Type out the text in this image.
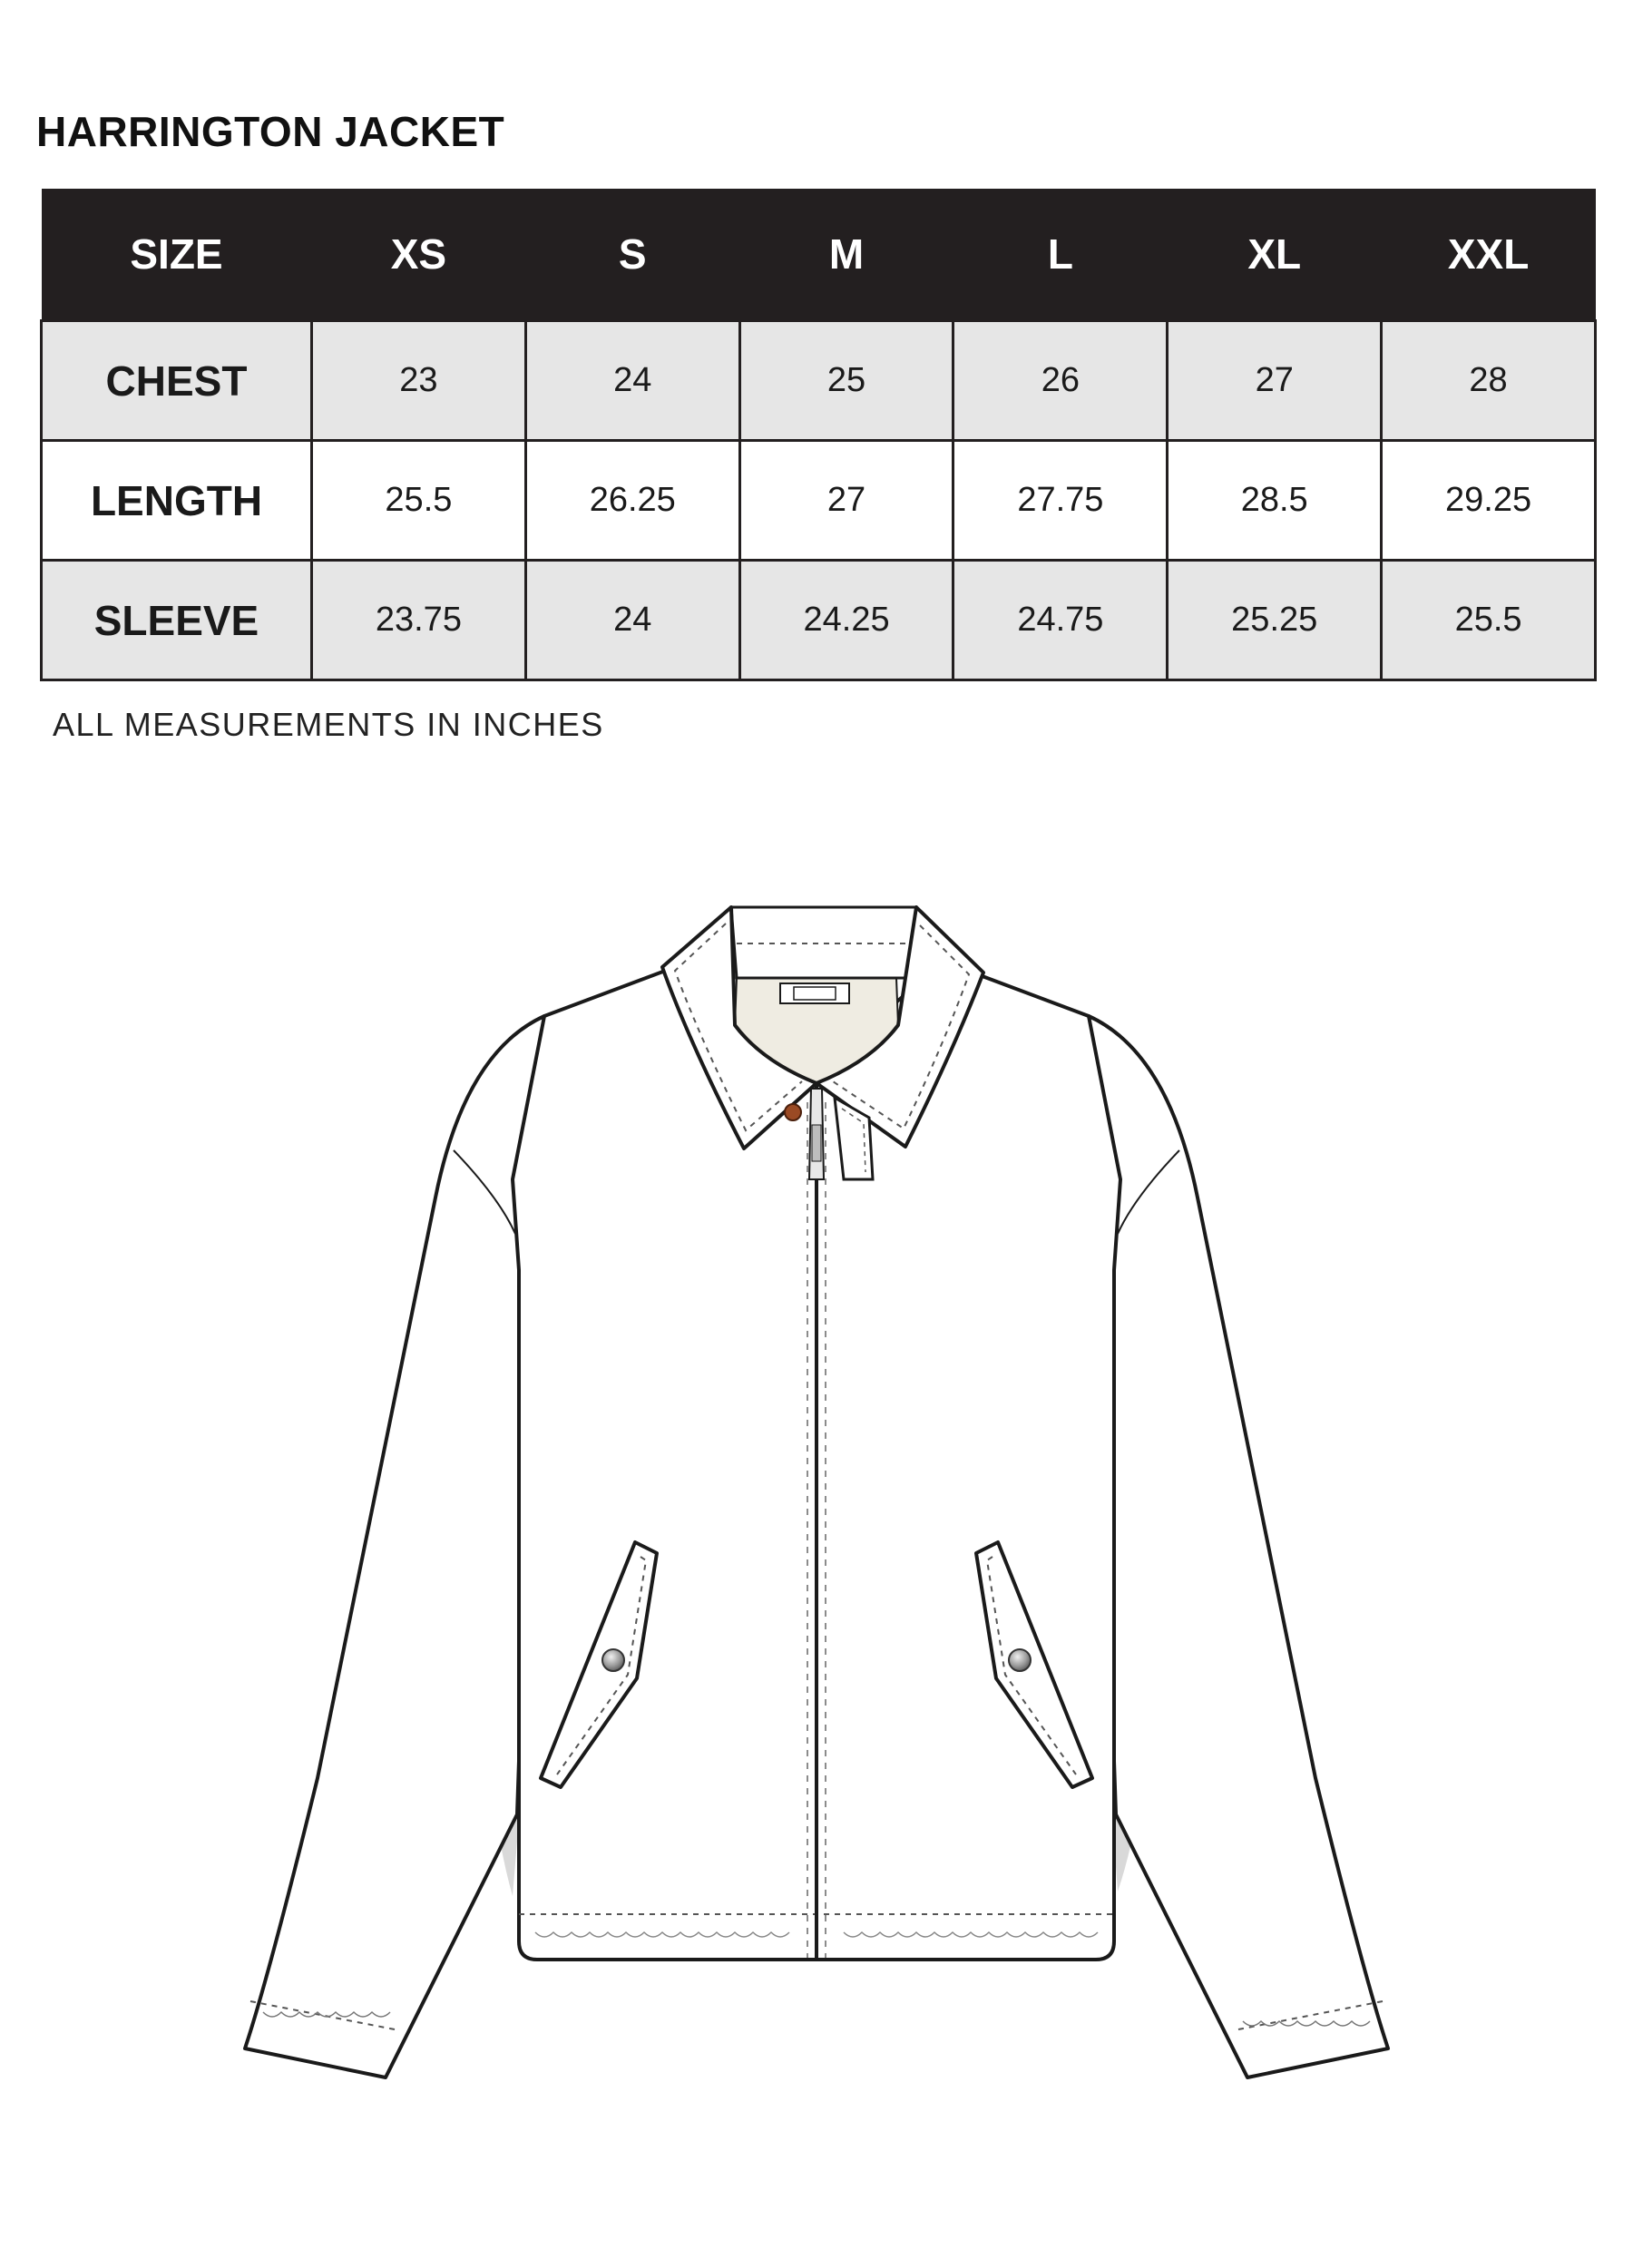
HARRINGTON JACKET
SIZE	XS	S	M	L	XL	XXL
CHEST	23	24	25	26	27	28
LENGTH	25.5	26.25	27	27.75	28.5	29.25
SLEEVE	23.75	24	24.25	24.75	25.25	25.5
ALL MEASUREMENTS IN INCHES
